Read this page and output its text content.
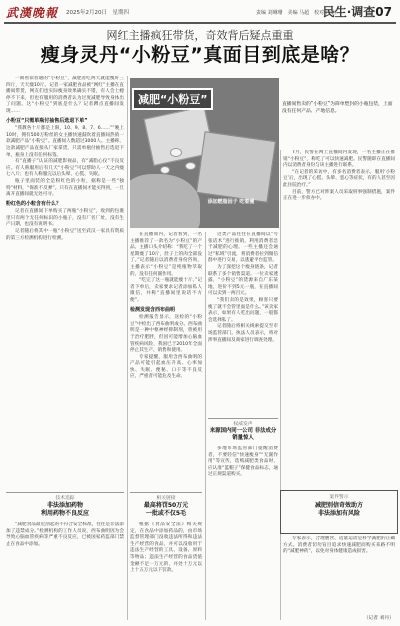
武漢晚報 2025年2月20日　星期四	责编 刘琳珊　美编 马超　校对 江娴
民生·调查07
网红主播疯狂带货，奇效背后疑点重重
瘦身灵丹“小粉豆”真面目到底是啥？

一期看似普通的“小粉豆”，减肥者吃两天就能瘦好三四斤，天天瘦10斤。记者一家减肥食品被“网红”主播在直播间带货，网友们也实际瘦身效果确实不错，有人会上瘾停不下来，但也有服用的消费者认为过度减肥导致身体出了问题。这“小粉豆”到底是什么？记者蹲点直播间发现……

小粉豆“只需单瓶付抽售后选退下单”

“我教各十斤都是上限，10、9、8、7、6……””晚上10时，拥有500万粉丝的女主播快速鼓吹着直播间热销一款减肥产品“小粉豆”。直播间人数超过3000人。主播称，这款减肥产品直接从厂家拿货，只需单瓶付抽售后选退下单，瓶身上没有任何标签。

有“直播子”认证的减肥影视品，有“减脂心仪”不良反应。有人称服用后有几天“小粉豆”可以帮助人一天之内瘦七八斤；也有人称服完以后头晕、心慌、失眠。

瓶子里面装的全是粉红色的小粒，据称是一些“独特”材料，“保准不反弹”。只有在直播间才能买得到，一旦离开直播间就无处可寻。

粉红色的小粒含有什么？

记者在直播间下单购买了两瓶“小粉豆”，收到的包裹里只有两个无任何标识的小瓶子，没有厂名厂址，没有生产日期，也没有说明书。

记者随后将其中一瓶“小粉豆”送至武汉一家具有资质的第三方检测机构进行检测。

技术追踪
非法添加药物
利用药物不良反应

“减肥食品最近刮起的不符合安全标准，往往是非法添加了违禁成分。”检测机构的工作人员说，西布曲明因为会导致心脑血管疾病等严重不良反应，已被国家药监部门禁止在食品中添加。

减肥“小粉豆”
添加燃脂因子 吃着瘦
直播间售卖的“小粉豆”为简单塑封的小瓶包装，上面没有任何产品、产地信息。

在直播间内，记者看到，一名主播推荐了一款名为“小粉豆”的产品。主播口头介绍称：“我吃了一个星期瘦了10斤，肚子上的肉全部没了。”记者随后以消费者身份咨询，主播表示“小粉豆”是纯植物萃取的，没有任何副作用。

“吃完了这一瓶就能瘦十斤。”记者下单后，卖家要求记者添加私人微信，并称“直播间里说话不方便”。

检测发现含西布曲明

检测报告显示，送检的“小粉豆”中检出了西布曲明成分。西布曲明是一种中枢神经抑制剂，曾被用于治疗肥胖，但因可能增加心脑血管疾病风险，我国已于2010年全面停止其生产、销售和使用。

专家提醒，服用含西布曲明的产品可能引起血压升高、心率加快、失眠、便秘、口干等不良反应，严重者可能危及生命。

相关链接
最高将罚50万元
一批或不仅5毛

根据《食品安全法》相关规定，在食品中添加药品的，由市场监督管理部门没收违法所得和违法生产经营的食品，并可以没收用于违法生产经营的工具、设备、原料等物品；违法生产经营的食品货值金额不足一万元的，并处十万元以上十五万元以下罚款。

这类产品往往在直播间以“夸张话术”进行推销，利用消费者急于减肥的心理。一些主播还会通过“私域”引流，将消费者拉到微信群中进行交易，以逃避平台监管。

为了深挖这个瘦身链条，记者联系了多个销售渠道。一位卖家透露，“小粉豆”的货源来自广东某地，进价不到5元一瓶，在直播间可以卖到一两百元。

“我们卖的是效果，顾客只要瘦了就不会管里面是什么。”该卖家表示，如果有人吃出问题，一般都会选择私了。

记者随后将相关线索提交至市场监管部门。执法人员表示，将对涉事直播间及商家进行调查处理。

权威发声
来源国内同一公司 非法成分销量惊人

多地市场监管部门提醒消费者，不要轻信“快速瘦身”“无副作用”等宣传，选购减肥类食品时，应认准“蓝帽子”保健食品标志，通过正规渠道购买。

7月，民警在网上直播间内发现，一名主播正在推销“小粉豆”，称吃了可以快速减肥。民警随即在直播间内以消费者身份与该主播进行联系。

“在记者的采访中，有多名消费者表示，服用‘小粉豆’后，出现了心慌、头晕、恶心等症状，有的人甚至因此住院治疗。”

目前，警方已对涉案人员采取刑事强制措施，案件正在进一步侦办中。

案件警示
减肥别信奇效助方
非法添加有风险

专家表示，合理膳食、适量运动是科学减肥的正确方式。消费者切勿盲目追求快速减肥而购买来路不明的“减肥神药”，以免对身体健康造成损害。

（记者 刘丹）
